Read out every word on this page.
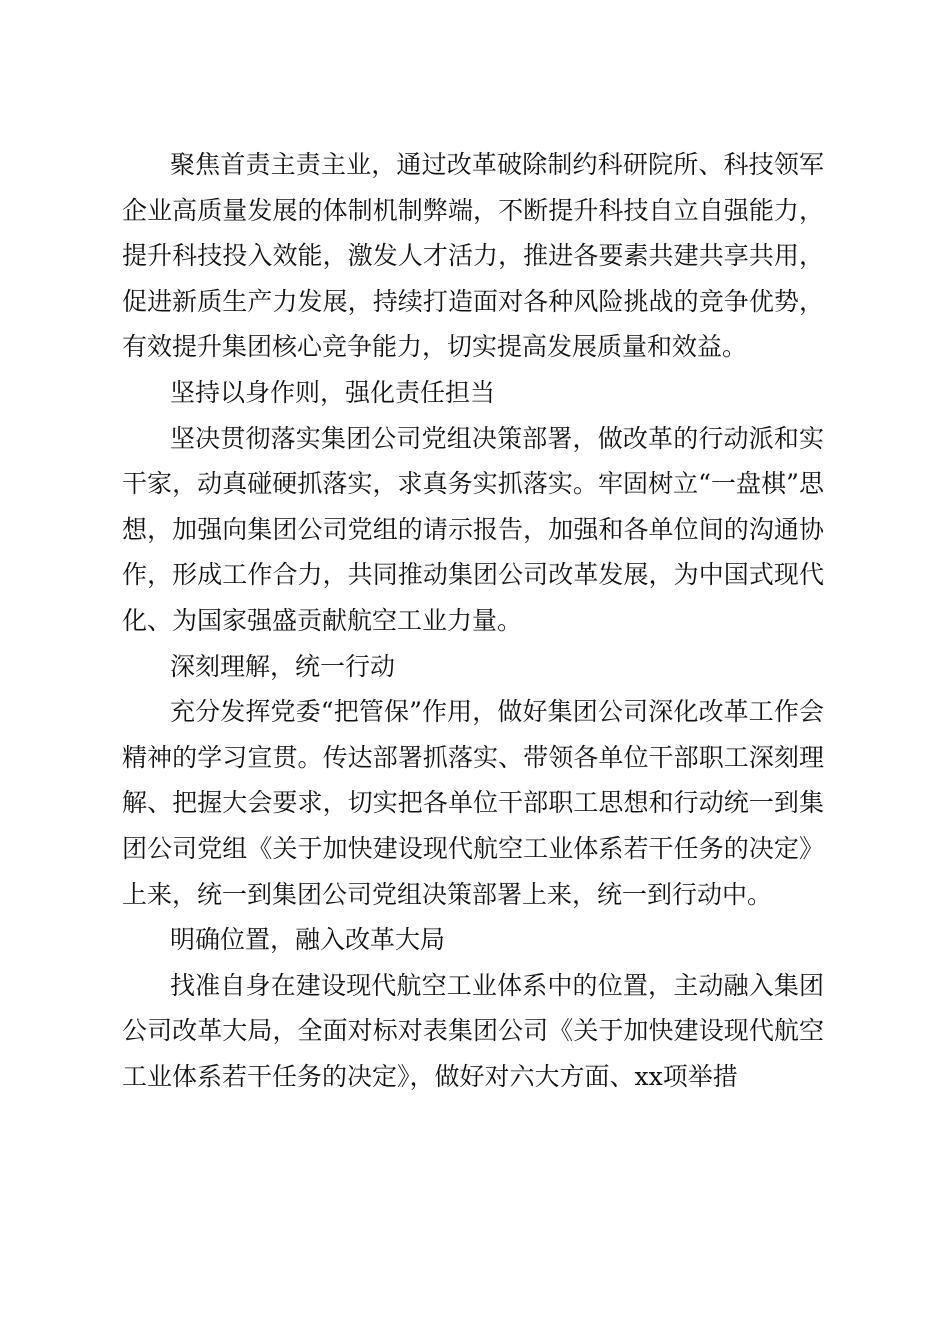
聚焦首责主责主业，通过改革破除制约科研院所、科技领军企业高质量发展的体制机制弊端，不断提升科技自立自强能力，提升科技投入效能，激发人才活力，推进各要素共建共享共用，促进新质生产力发展，持续打造面对各种风险挑战的竞争优势，有效提升集团核心竞争能力，切实提高发展质量和效益。

坚持以身作则，强化责任担当

坚决贯彻落实集团公司党组决策部署，做改革的行动派和实干家，动真碰硬抓落实，求真务实抓落实。牢固树立“一盘棋”思想，加强向集团公司党组的请示报告，加强和各单位间的沟通协作，形成工作合力，共同推动集团公司改革发展，为中国式现代化、为国家强盛贡献航空工业力量。

深刻理解，统一行动

充分发挥党委“把管保”作用，做好集团公司深化改革工作会精神的学习宣贯。传达部署抓落实、带领各单位干部职工深刻理解、把握大会要求，切实把各单位干部职工思想和行动统一到集团公司党组《关于加快建设现代航空工业体系若干任务的决定》上来，统一到集团公司党组决策部署上来，统一到行动中。

明确位置，融入改革大局

找准自身在建设现代航空工业体系中的位置，主动融入集团公司改革大局，全面对标对表集团公司《关于加快建设现代航空工业体系若干任务的决定》，做好对六大方面、xx项举措
